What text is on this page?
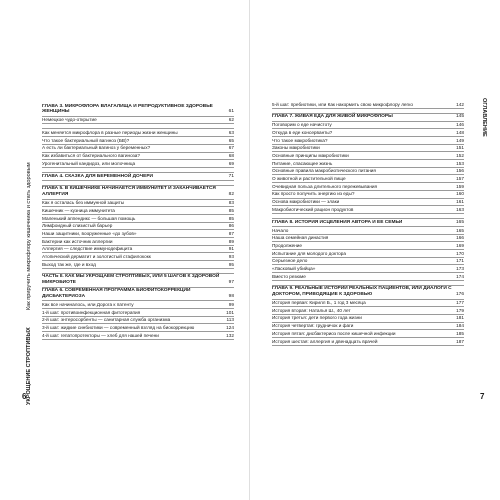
УКРОЩЕНИЕ СТРОПТИВЫХ  Как приручить микрофлору кишечника и стать здоровым
ГЛАВА 3. МИКРОФЛОРА ВЛАГАЛИЩА И РЕПРОДУКТИВНОЕ ЗДОРОВЬЕ ЖЕНЩИНЫ	61
Немецкое чудо-открытие	62
Как меняется микрофлора в разные периоды жизни женщины	63
Что такое бактериальный вагиноз (БВ)?	65
А есть ли бактериальный вагиноз у беременных?	67
Как избавиться от бактериального вагиноза?	68
Урогенитальный кандидоз, или молочница	69
ГЛАВА 4. СКАЗКА ДЛЯ БЕРЕМЕННОЙ ДОЧЕРИ	71
ГЛАВА 5. В КИШЕЧНИКЕ НАЧИНАЕТСЯ ИММУНИТЕТ И ЗАКАНЧИВАЕТСЯ АЛЛЕРГИЯ	82
Как я осталась без иммунной защиты	83
Кишечник — кузница иммунитета	85
Маленький аппендикс — большая помощь	85
Лимфоидный слизистый барьер	86
Наши защитники, вооруженные «до зубов»	87
Бактерии как источник аллергии	89
Аллергия — следствие иммунодефицита	91
Атопический дерматит и золотистый стафилококк	93
Выход так же, где и вход	95
ЧАСТЬ II. КАК МЫ УКРОЩАЕМ СТРОПТИВЫХ, ИЛИ 5 ШАГОВ К ЗДОРОВОЙ МИКРОБИОТЕ	97
ГЛАВА 6. СОВРЕМЕННАЯ ПРОГРАММА БИОФИТОКОРРЕКЦИИ ДИСБАКТЕРИОЗА	98
Как все начиналось, или Дорога к патенту	99
1-й шаг: противоинфекционная фитотерапия	101
2-й шаг: энтеросорбенты — санитарная служба организма	113
3-й шаг: жидкие синбиотики — современный взгляд на биокоррекцию	124
4-й шаг: гепатопротекторы — хлеб для нашей печени	132
6
5-й шаг: пребиотики, или Как накормить свою микрофлору легко	142
ГЛАВА 7. ЖИВАЯ ЕДА ДЛЯ ЖИВОЙ МИКРОФЛОРЫ	145
Поговорим о еде начистоту	146
Откуда в еде консерванты?	148
Что такое макробиотика?	149
Законы макробиотики	151
Основные принципы макробиотики	152
Питание, спасающее жизнь	153
Основные правила макробиотического питания	156
О животной и растительной пище	157
Очевидная польза длительного пережевывания	159
Как просто получить энергию из еды?	160
Основа макробиотики — злаки	161
Макробиотический рацион продуктов	163
ГЛАВА 8. ИСТОРИЯ ИСЦЕЛЕНИЯ АВТОРА И ЕЕ СЕМЬИ	165
Начало	165
Наша семейная династия	166
Продолжение	169
Испытание для молодого доктора	170
Серьезное дело	171
«Ласковый убийца»	173
Вместо резюме	174
ГЛАВА 9. РЕАЛЬНЫЕ ИСТОРИИ РЕАЛЬНЫХ ПАЦИЕНТОВ, ИЛИ ДИАЛОГИ С ДОКТОРОМ, ПРИВОДЯЩИЕ К ЗДОРОВЬЮ	176
История первая: Кирилл Б., 1 год 3 месяца	177
История вторая: Наталья Ш., 40 лет	179
История третья: дети первого года жизни	181
История четвертая: грудничок и фаги	184
История пятая: дисбактериоз после кишечной инфекции	185
История шестая: аллергия и двенадцать врачей	187
ОГЛАВЛЕНИЕ
7
